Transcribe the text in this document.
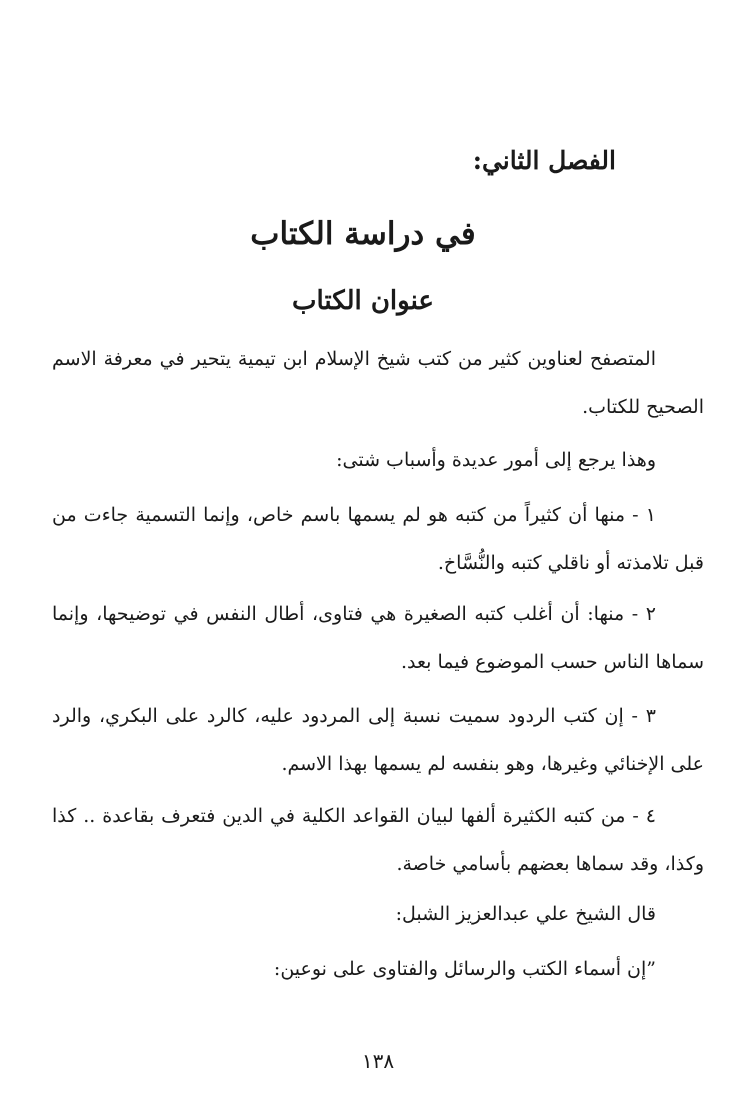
الفصل الثاني:
في دراسة الكتاب
عنوان الكتاب

المتصفح لعناوين كثير من كتب شيخ الإسلام ابن تيمية يتحير في معرفة الاسم الصحيح للكتاب.

وهذا يرجع إلى أمور عديدة وأسباب شتى:

١ - منها أن كثيراً من كتبه هو لم يسمها باسم خاص، وإنما التسمية جاءت من قبل تلامذته أو ناقلي كتبه والنُّسَّاخ.

٢ - منها: أن أغلب كتبه الصغيرة هي فتاوى، أطال النفس في توضيحها، وإنما سماها الناس حسب الموضوع فيما بعد.

٣ - إن كتب الردود سميت نسبة إلى المردود عليه، كالرد على البكري، والرد على الإخنائي وغيرها، وهو بنفسه لم يسمها بهذا الاسم.

٤ - من كتبه الكثيرة ألفها لبيان القواعد الكلية في الدين فتعرف بقاعدة .. كذا وكذا، وقد سماها بعضهم بأسامي خاصة.

قال الشيخ علي عبدالعزيز الشبل:

”إن أسماء الكتب والرسائل والفتاوى على نوعين:

١٣٨
